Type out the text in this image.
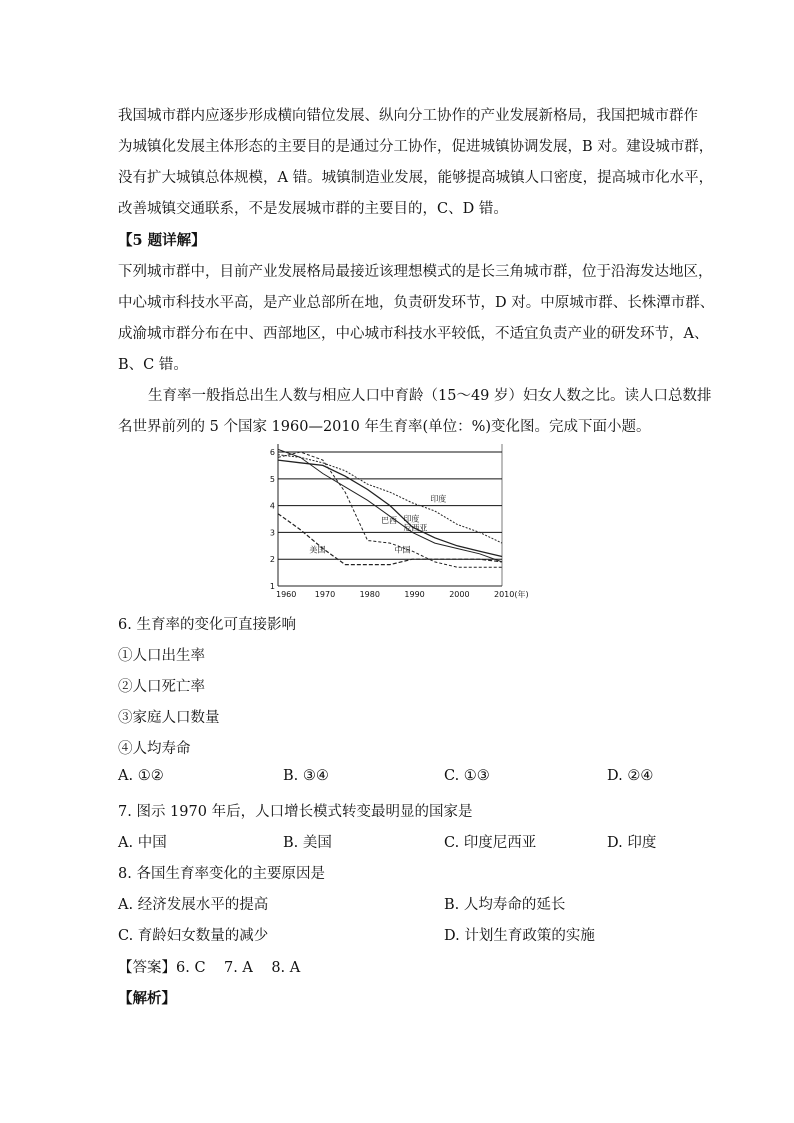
我国城市群内应逐步形成横向错位发展、纵向分工协作的产业发展新格局，我国把城市群作
为城镇化发展主体形态的主要目的是通过分工协作，促进城镇协调发展，B 对。建设城市群，
没有扩大城镇总体规模，A 错。城镇制造业发展，能够提高城镇人口密度，提高城市化水平，
改善城镇交通联系，不是发展城市群的主要目的，C、D 错。
【5 题详解】
下列城市群中，目前产业发展格局最接近该理想模式的是长三角城市群，位于沿海发达地区，
中心城市科技水平高，是产业总部所在地，负责研发环节，D 对。中原城市群、长株潭市群、
成渝城市群分布在中、西部地区，中心城市科技水平较低，不适宜负责产业的研发环节，A、
B、C 错。
生育率一般指总出生人数与相应人口中育龄（15～49 岁）妇女人数之比。读人口总数排
名世界前列的 5 个国家 1960—2010 年生育率(单位：%)变化图。完成下面小题。
1
2
3
4
5
6
1960 1970	1980	1990	2000	2010(年)
印度
印度尼西亚
巴西
中国
美国
6. 生育率的变化可直接影响
①人口出生率
②人口死亡率
③家庭人口数量
④人均寿命
A. ①②	B. ③④	C. ①③	D. ②④
7. 图示 1970 年后，人口增长模式转变最明显的国家是
A. 中国	B. 美国	C. 印度尼西亚	D. 印度
8. 各国生育率变化的主要原因是
A. 经济发展水平的提高	B. 人均寿命的延长
C. 育龄妇女数量的减少	D. 计划生育政策的实施
【答案】6. C    7. A    8. A
【解析】
